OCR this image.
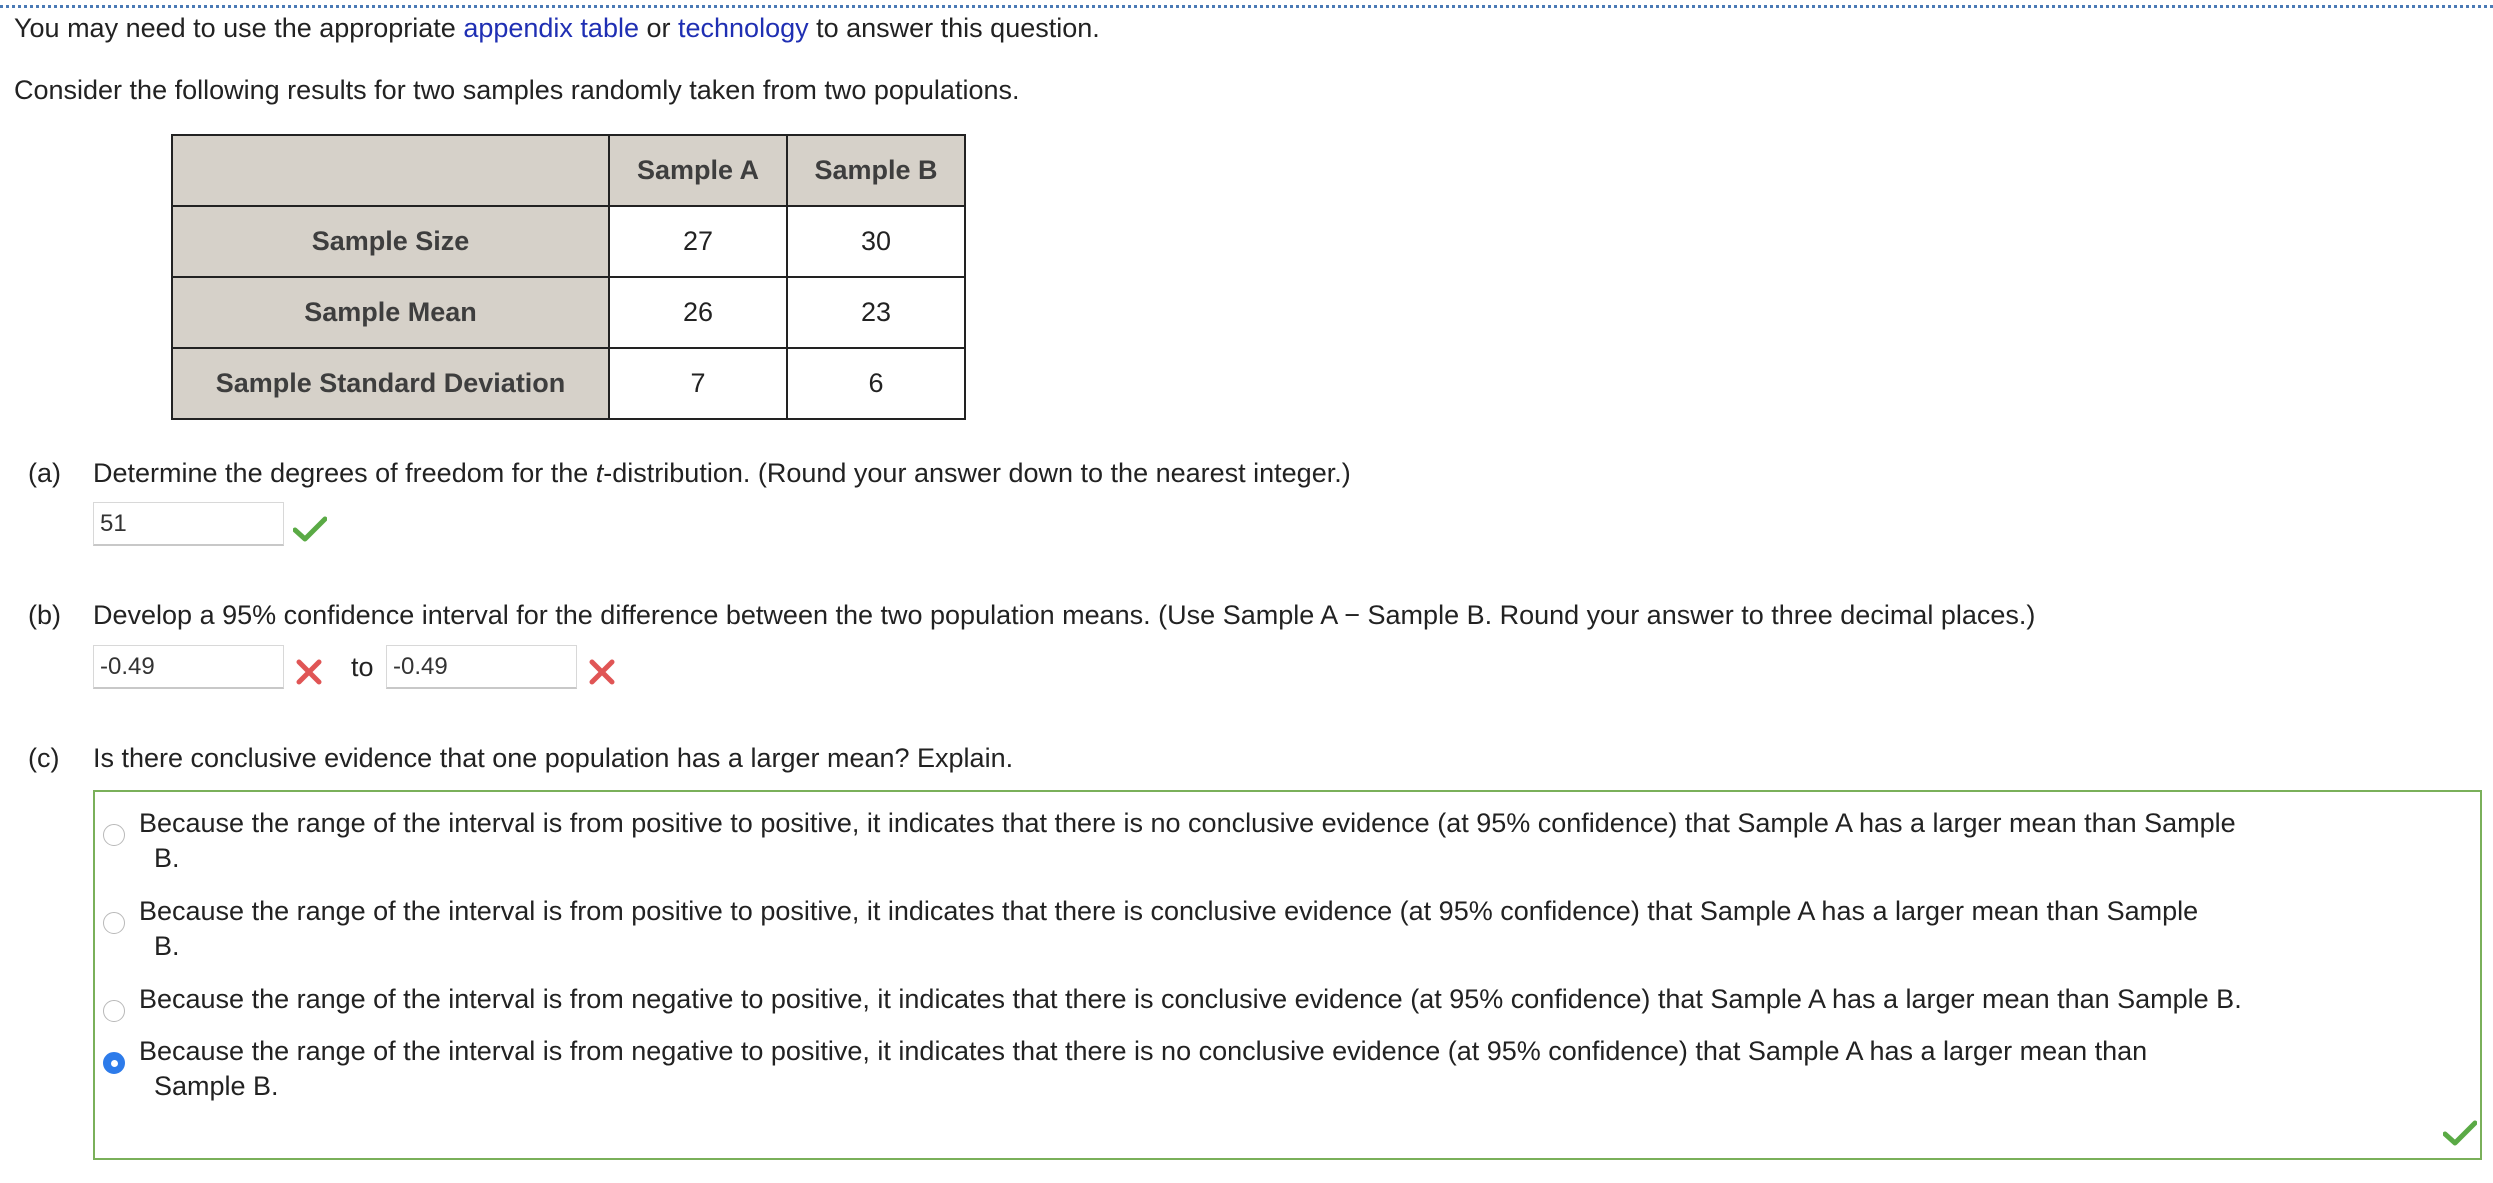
You may need to use the appropriate appendix table or technology to answer this question.
Consider the following results for two samples randomly taken from two populations.
	Sample A	Sample B
Sample Size	27	30
Sample Mean	26	23
Sample Standard Deviation	7	6
(a) Determine the degrees of freedom for the t-distribution. (Round your answer down to the nearest integer.)
51
(b) Develop a 95% confidence interval for the difference between the two population means. (Use Sample A − Sample B. Round your answer to three decimal places.)
-0.49
to
-0.49
(c) Is there conclusive evidence that one population has a larger mean? Explain.
Because the range of the interval is from positive to positive, it indicates that there is no conclusive evidence (at 95% confidence) that Sample A has a larger mean than Sample
B.
Because the range of the interval is from positive to positive, it indicates that there is conclusive evidence (at 95% confidence) that Sample A has a larger mean than Sample
B.
Because the range of the interval is from negative to positive, it indicates that there is conclusive evidence (at 95% confidence) that Sample A has a larger mean than Sample B.
Because the range of the interval is from negative to positive, it indicates that there is no conclusive evidence (at 95% confidence) that Sample A has a larger mean than
Sample B.
